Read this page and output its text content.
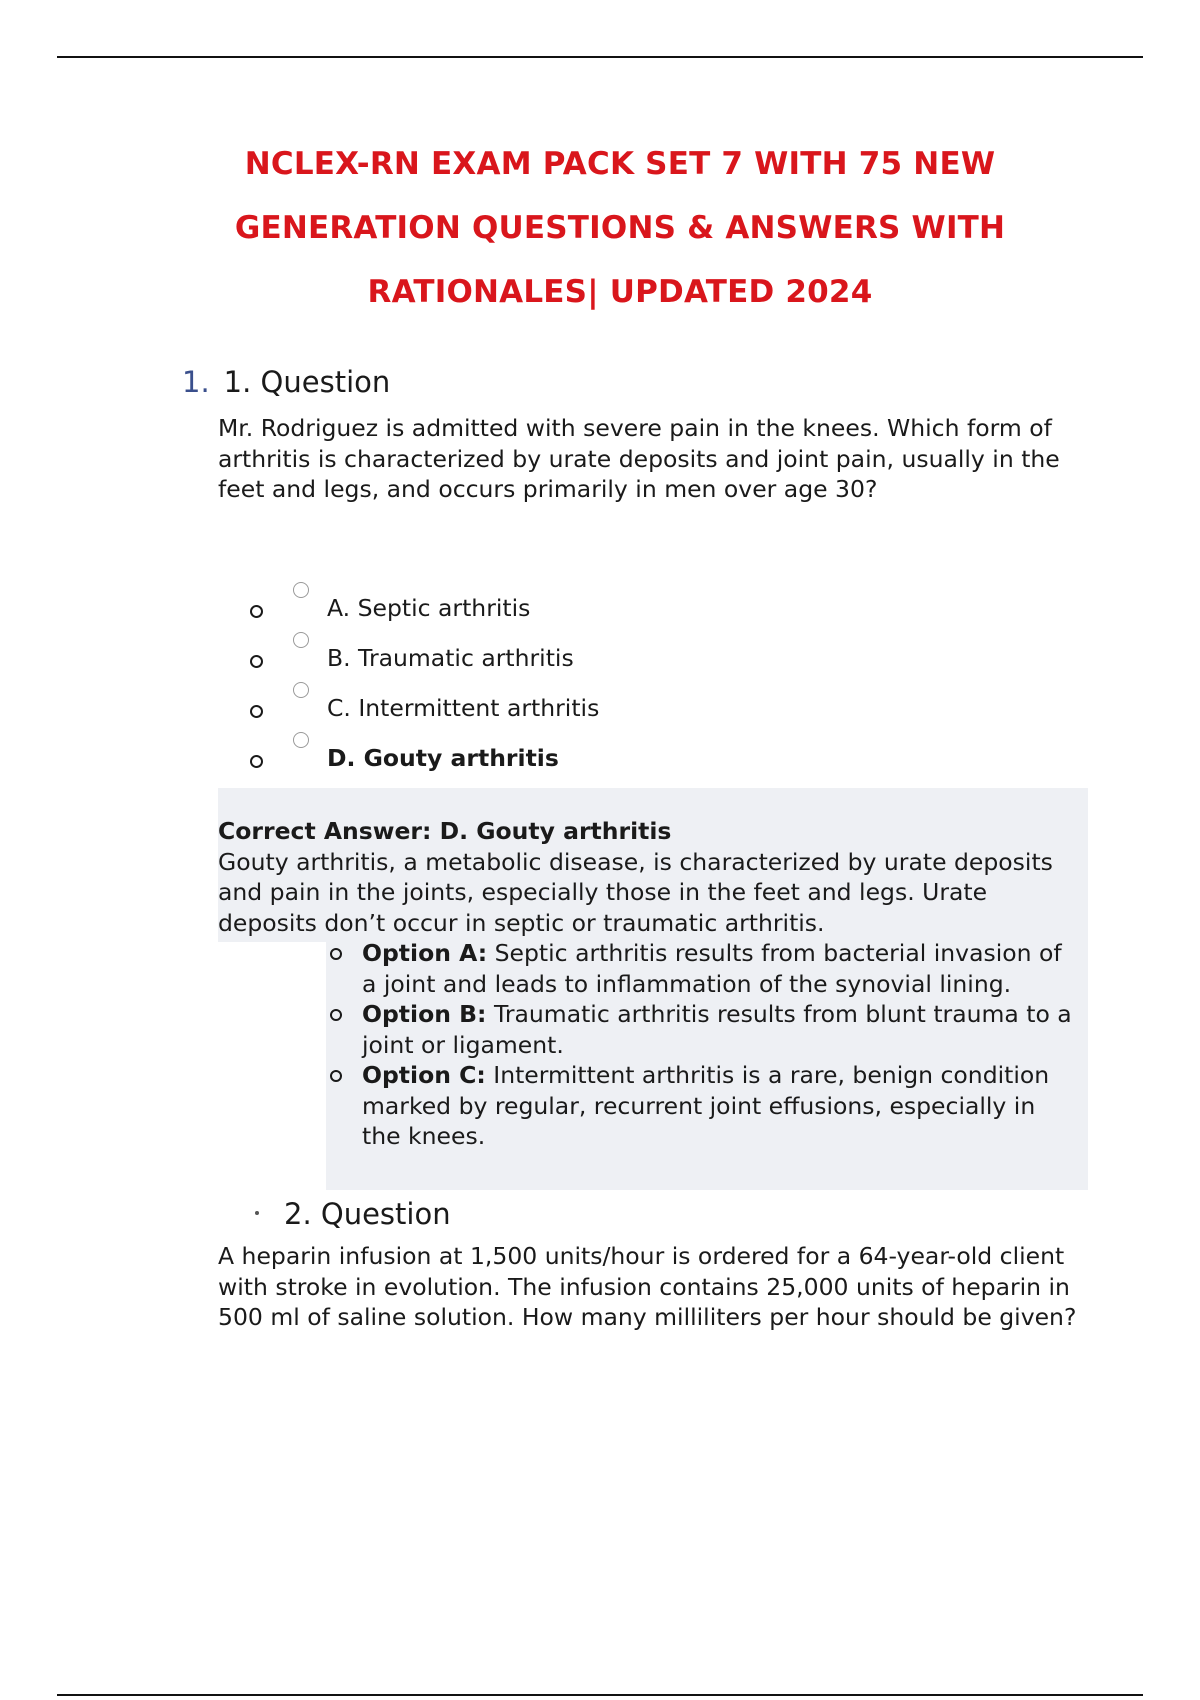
NCLEX-RN EXAM PACK SET 7 WITH 75 NEW
GENERATION QUESTIONS & ANSWERS WITH
RATIONALES| UPDATED 2024
1. 1. Question
Mr. Rodriguez is admitted with severe pain in the knees. Which form of arthritis is characterized by urate deposits and joint pain, usually in the feet and legs, and occurs primarily in men over age 30?
A. Septic arthritis
B. Traumatic arthritis
C. Intermittent arthritis
D. Gouty arthritis
Correct Answer: D. Gouty arthritis
Gouty arthritis, a metabolic disease, is characterized by urate deposits and pain in the joints, especially those in the feet and legs. Urate deposits don’t occur in septic or traumatic arthritis.
Option A: Septic arthritis results from bacterial invasion of a joint and leads to inflammation of the synovial lining.
Option B: Traumatic arthritis results from blunt trauma to a joint or ligament.
Option C: Intermittent arthritis is a rare, benign condition marked by regular, recurrent joint effusions, especially in the knees.
2. Question
A heparin infusion at 1,500 units/hour is ordered for a 64-year-old client with stroke in evolution. The infusion contains 25,000 units of heparin in 500 ml of saline solution. How many milliliters per hour should be given?
